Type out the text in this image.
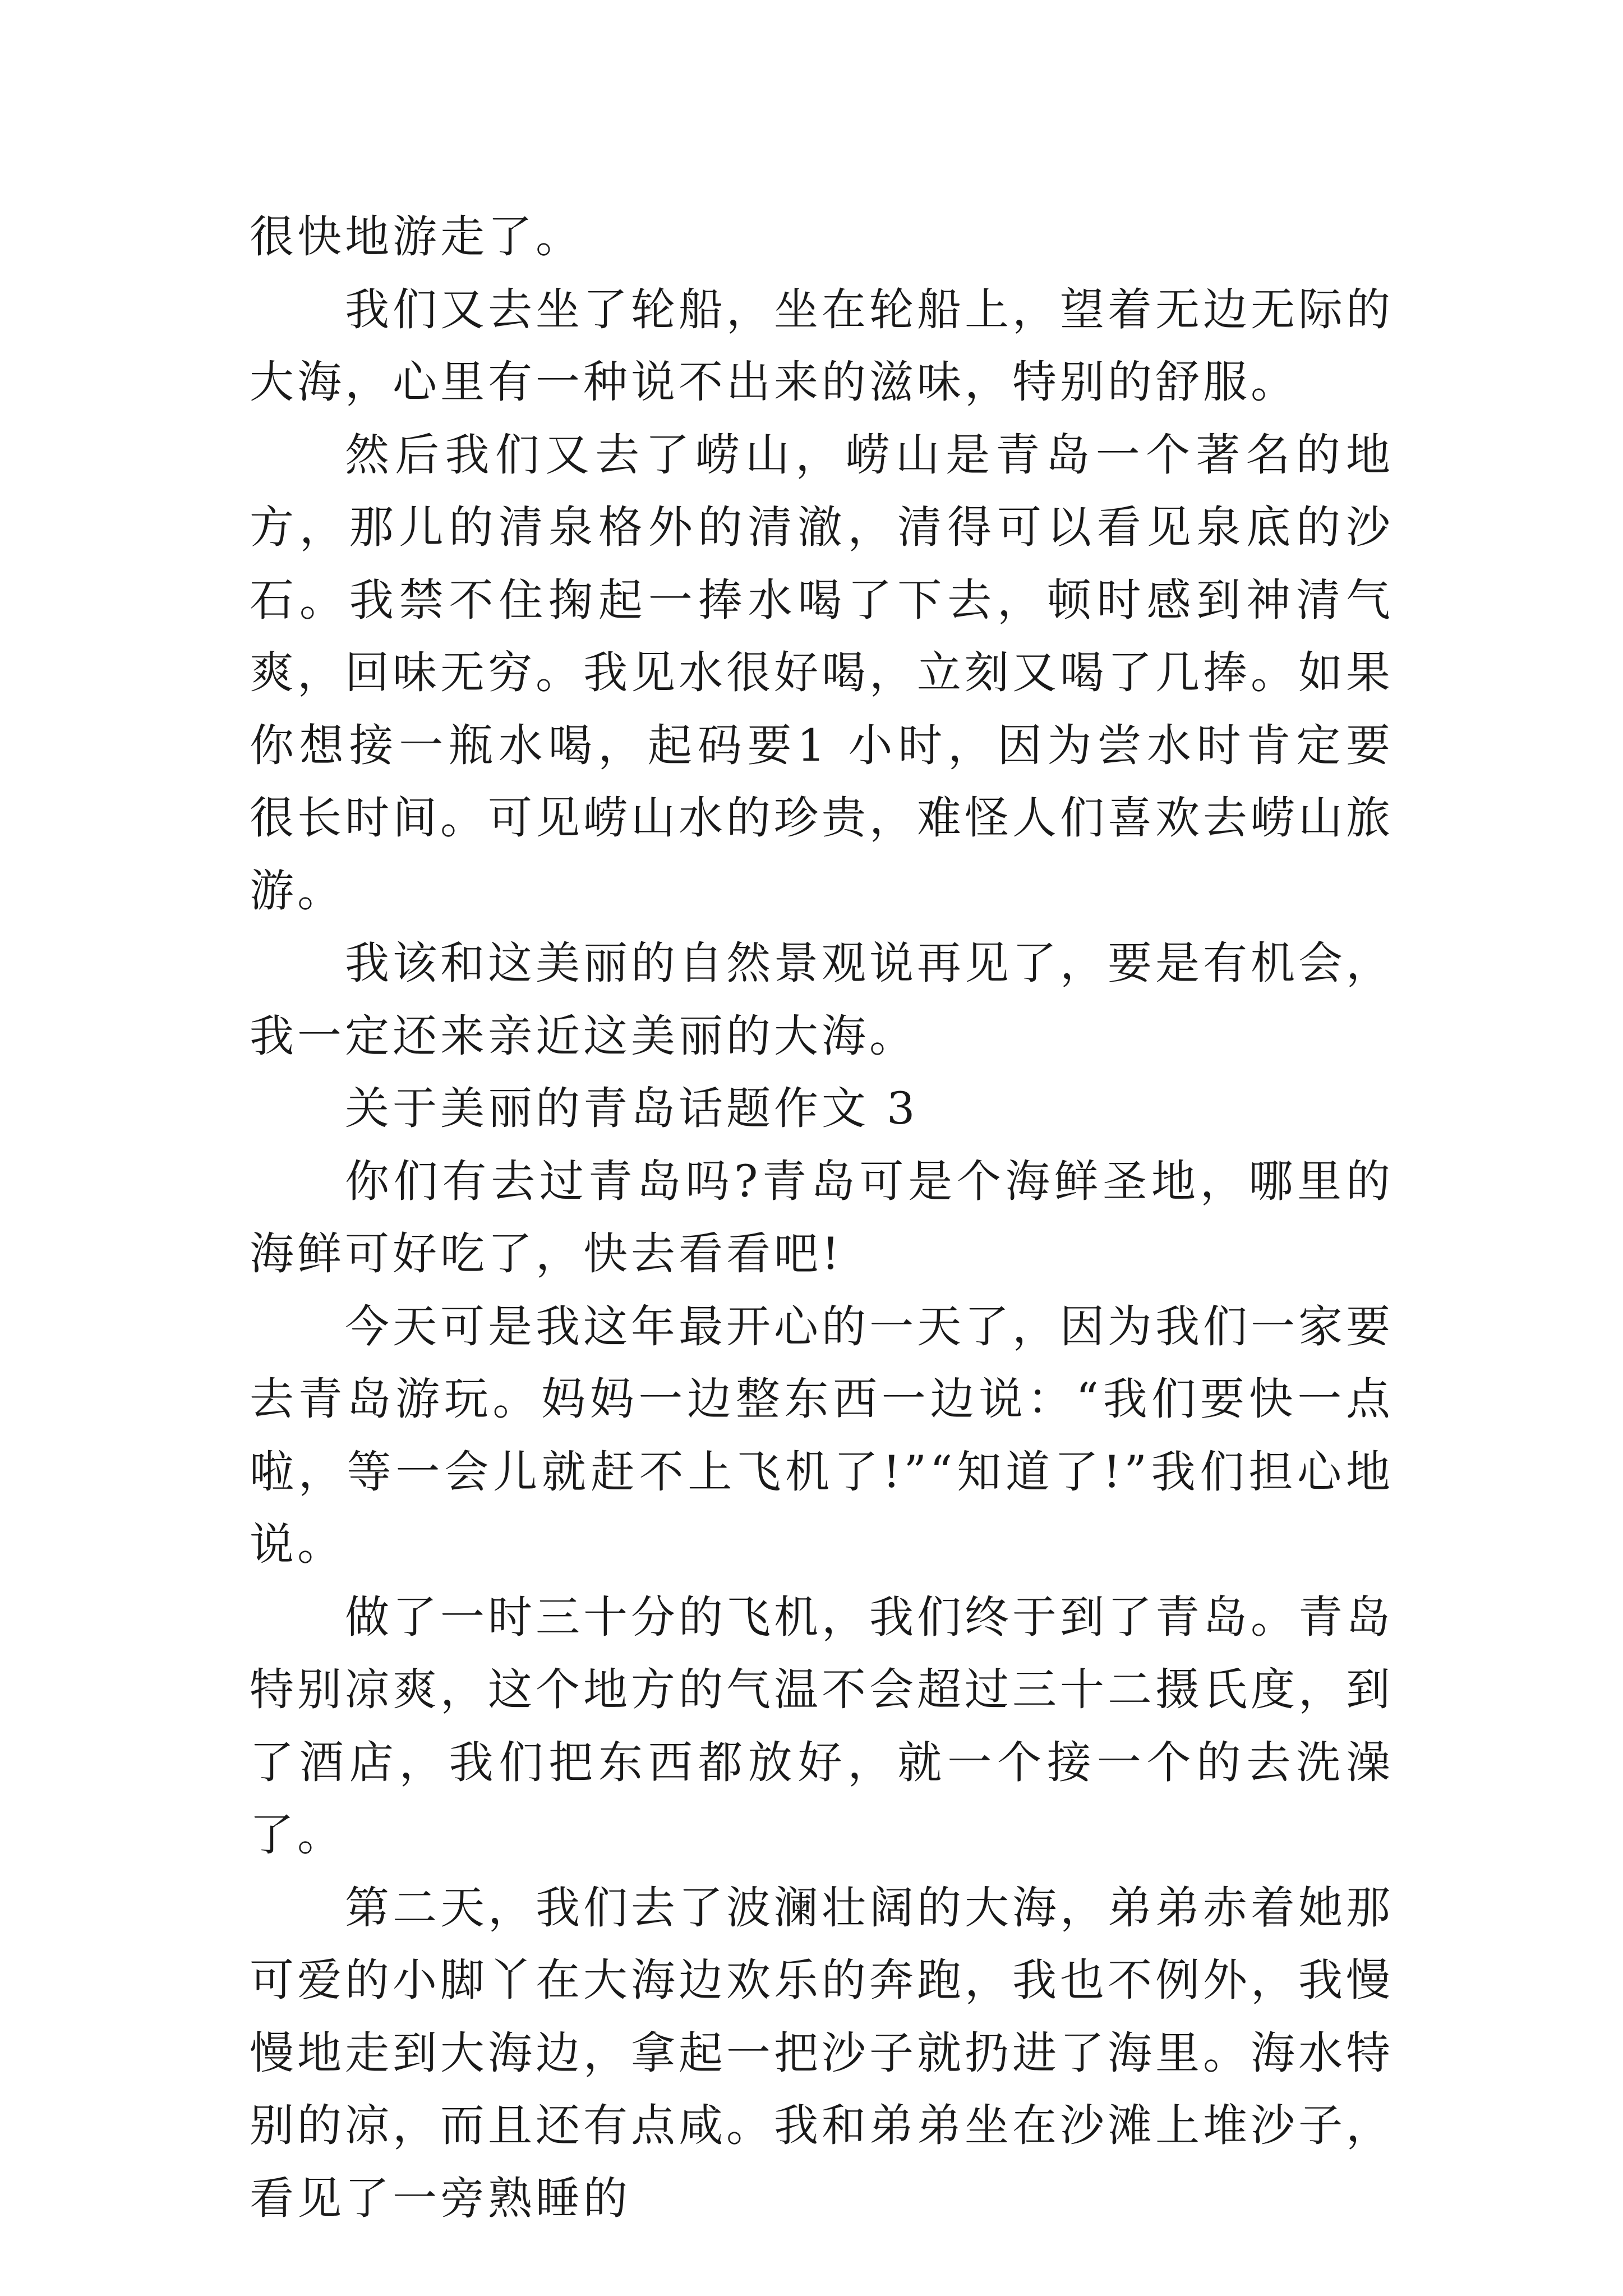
很快地游走了。

我们又去坐了轮船，坐在轮船上，望着无边无际的大海，心里有一种说不出来的滋味，特别的舒服。

然后我们又去了崂山，崂山是青岛一个著名的地方，那儿的清泉格外的清澈，清得可以看见泉底的沙石。我禁不住掬起一捧水喝了下去，顿时感到神清气爽，回味无穷。我见水很好喝，立刻又喝了几捧。如果你想接一瓶水喝，起码要1 小时，因为尝水时肯定要很长时间。可见崂山水的珍贵，难怪人们喜欢去崂山旅游。

我该和这美丽的自然景观说再见了，要是有机会，我一定还来亲近这美丽的大海。

关于美丽的青岛话题作文 3

你们有去过青岛吗?青岛可是个海鲜圣地，哪里的海鲜可好吃了，快去看看吧!

今天可是我这年最开心的一天了，因为我们一家要去青岛游玩。妈妈一边整东西一边说：“我们要快一点啦，等一会儿就赶不上飞机了!”“知道了!”我们担心地说。

做了一时三十分的飞机，我们终于到了青岛。青岛特别凉爽，这个地方的气温不会超过三十二摄氏度，到了酒店，我们把东西都放好，就一个接一个的去洗澡了。

第二天，我们去了波澜壮阔的大海，弟弟赤着她那可爱的小脚丫在大海边欢乐的奔跑，我也不例外，我慢慢地走到大海边，拿起一把沙子就扔进了海里。海水特别的凉，而且还有点咸。我和弟弟坐在沙滩上堆沙子，看见了一旁熟睡的
